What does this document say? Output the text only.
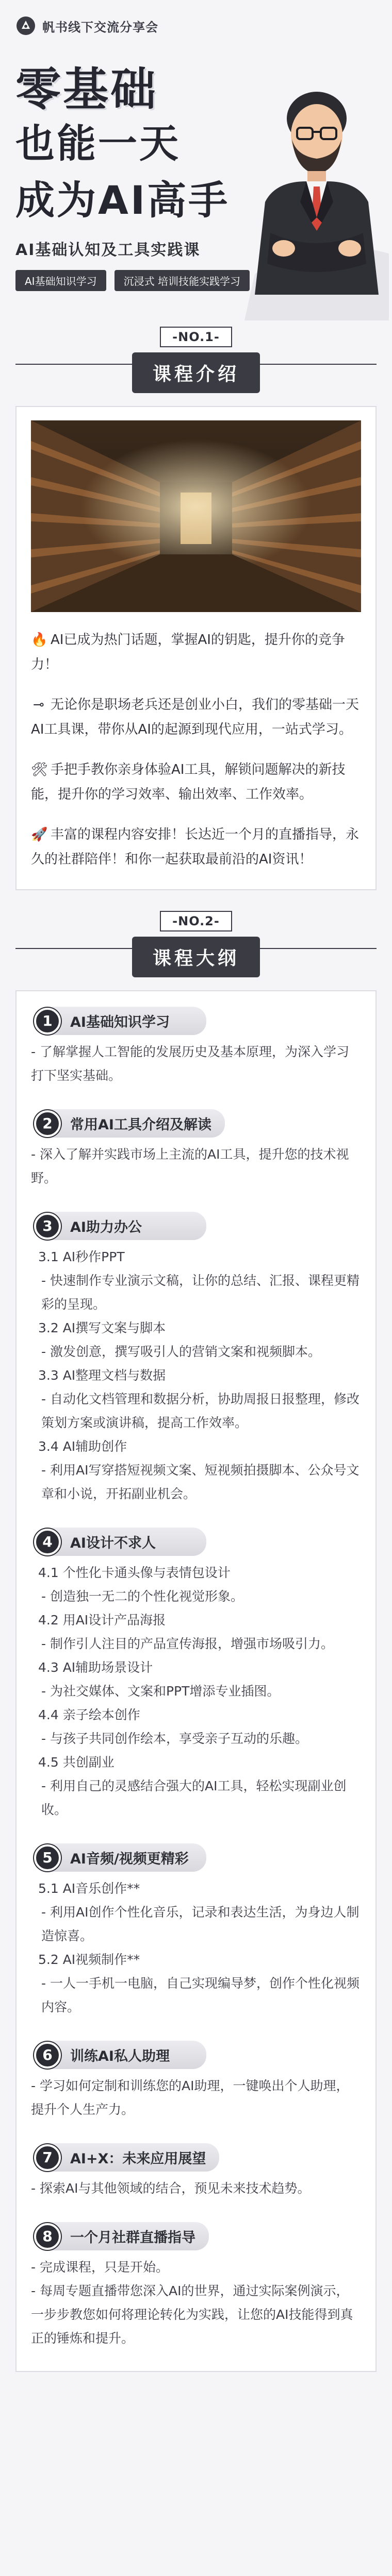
帆书线下交流分享会
零基础
也能一天
成为AI高手
AI基础认知及工具实践课
AI基础知识学习	沉浸式 培训技能实践学习
-NO.1-
课程介绍

🔥 AI已成为热门话题，掌握AI的钥匙，提升你的竞争力！

⊸ 无论你是职场老兵还是创业小白，我们的零基础一天AI工具课，带你从AI的起源到现代应用，一站式学习。

🛠 手把手教你亲身体验AI工具，解锁问题解决的新技能，提升你的学习效率、输出效率、工作效率。

🚀 丰富的课程内容安排！长达近一个月的直播指导，永久的社群陪伴！和你一起获取最前沿的AI资讯！

-NO.2-
课程大纲
1	AI基础知识学习
- 了解掌握人工智能的发展历史及基本原理，为深入学习打下坚实基础。
2	常用AI工具介绍及解读
- 深入了解并实践市场上主流的AI工具，提升您的技术视野。
3	AI助力办公
3.1 AI秒作PPT
- 快速制作专业演示文稿，让你的总结、汇报、课程更精彩的呈现。
3.2 AI撰写文案与脚本
- 激发创意，撰写吸引人的营销文案和视频脚本。
3.3 AI整理文档与数据
- 自动化文档管理和数据分析，协助周报日报整理，修改策划方案或演讲稿，提高工作效率。
3.4 AI辅助创作
- 利用AI写穿搭短视频文案、短视频拍摄脚本、公众号文章和小说，开拓副业机会。
4	AI设计不求人
4.1 个性化卡通头像与表情包设计
- 创造独一无二的个性化视觉形象。
4.2 用AI设计产品海报
- 制作引人注目的产品宣传海报，增强市场吸引力。
4.3 AI辅助场景设计
- 为社交媒体、文案和PPT增添专业插图。
4.4 亲子绘本创作
- 与孩子共同创作绘本，享受亲子互动的乐趣。
4.5 共创副业
- 利用自己的灵感结合强大的AI工具，轻松实现副业创收。
5	AI音频/视频更精彩
5.1 AI音乐创作**
- 利用AI创作个性化音乐，记录和表达生活，为身边人制造惊喜。
5.2 AI视频制作**
- 一人一手机一电脑，自己实现编导梦，创作个性化视频内容。
6	训练AI私人助理
- 学习如何定制和训练您的AI助理，一键唤出个人助理，提升个人生产力。
7	AI+X：未来应用展望
- 探索AI与其他领域的结合，预见未来技术趋势。
8	一个月社群直播指导
- 完成课程，只是开始。
- 每周专题直播带您深入AI的世界，通过实际案例演示，一步步教您如何将理论转化为实践，让您的AI技能得到真正的锤炼和提升。
